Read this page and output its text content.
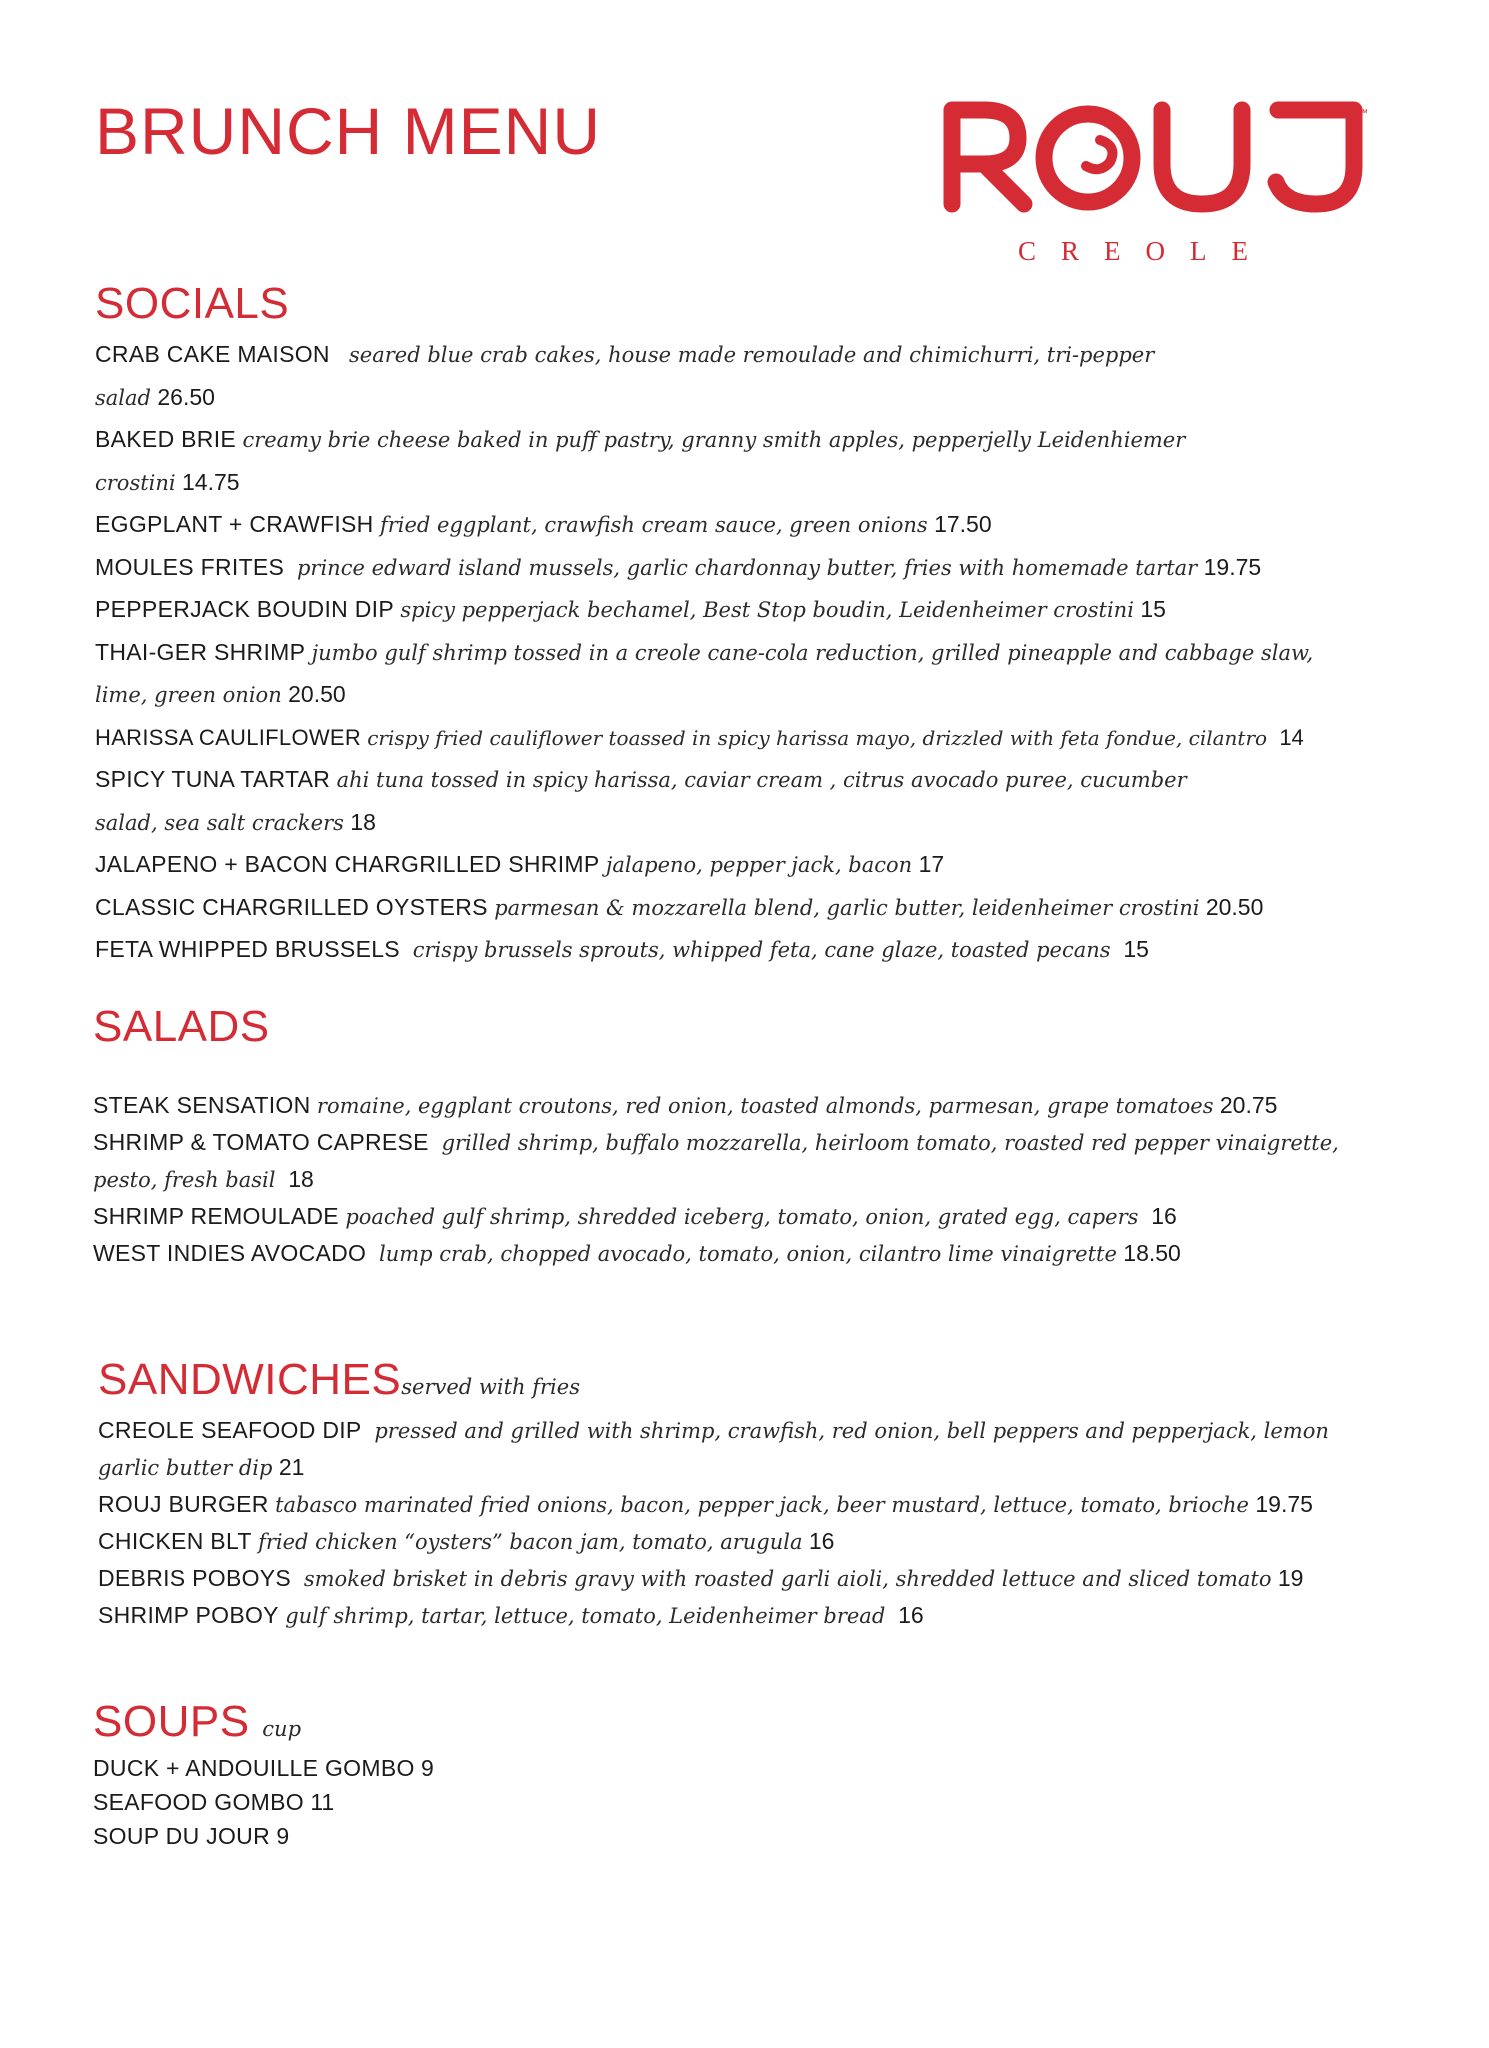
BRUNCH MENU	™
CREOLE
SOCIALS
CRAB CAKE MAISON seared blue crab cakes, house made remoulade and chimichurri, tri-pepper salad 26.50
BAKED BRIE creamy brie cheese baked in puff pastry, granny smith apples, pepperjelly Leidenhiemer crostini 14.75
EGGPLANT + CRAWFISH fried eggplant, crawfish cream sauce, green onions 17.50
MOULES FRITES prince edward island mussels, garlic chardonnay butter, fries with homemade tartar 19.75
PEPPERJACK BOUDIN DIP spicy pepperjack bechamel, Best Stop boudin, Leidenheimer crostini 15
THAI-GER SHRIMP jumbo gulf shrimp tossed in a creole cane-cola reduction, grilled pineapple and cabbage slaw, lime, green onion 20.50
HARISSA CAULIFLOWER crispy fried cauliflower toassed in spicy harissa mayo, drizzled with feta fondue, cilantro 14
SPICY TUNA TARTAR ahi tuna tossed in spicy harissa, caviar cream , citrus avocado puree, cucumber salad, sea salt crackers 18
JALAPENO + BACON CHARGRILLED SHRIMP jalapeno, pepper jack, bacon 17
CLASSIC CHARGRILLED OYSTERS parmesan & mozzarella blend, garlic butter, leidenheimer crostini 20.50
FETA WHIPPED BRUSSELS crispy brussels sprouts, whipped feta, cane glaze, toasted pecans 15
SALADS
STEAK SENSATION romaine, eggplant croutons, red onion, toasted almonds, parmesan, grape tomatoes 20.75
SHRIMP & TOMATO CAPRESE grilled shrimp, buffalo mozzarella, heirloom tomato, roasted red pepper vinaigrette, pesto, fresh basil 18
SHRIMP REMOULADE poached gulf shrimp, shredded iceberg, tomato, onion, grated egg, capers 16
WEST INDIES AVOCADO lump crab, chopped avocado, tomato, onion, cilantro lime vinaigrette 18.50
SANDWICHESserved with fries
CREOLE SEAFOOD DIP pressed and grilled with shrimp, crawfish, red onion, bell peppers and pepperjack, lemon garlic butter dip 21
ROUJ BURGER tabasco marinated fried onions, bacon, pepper jack, beer mustard, lettuce, tomato, brioche 19.75
CHICKEN BLT fried chicken “oysters” bacon jam, tomato, arugula 16
DEBRIS POBOYS smoked brisket in debris gravy with roasted garli aioli, shredded lettuce and sliced tomato 19
SHRIMP POBOY gulf shrimp, tartar, lettuce, tomato, Leidenheimer bread 16
SOUPS cup
DUCK + ANDOUILLE GOMBO 9
SEAFOOD GOMBO 11
SOUP DU JOUR 9
